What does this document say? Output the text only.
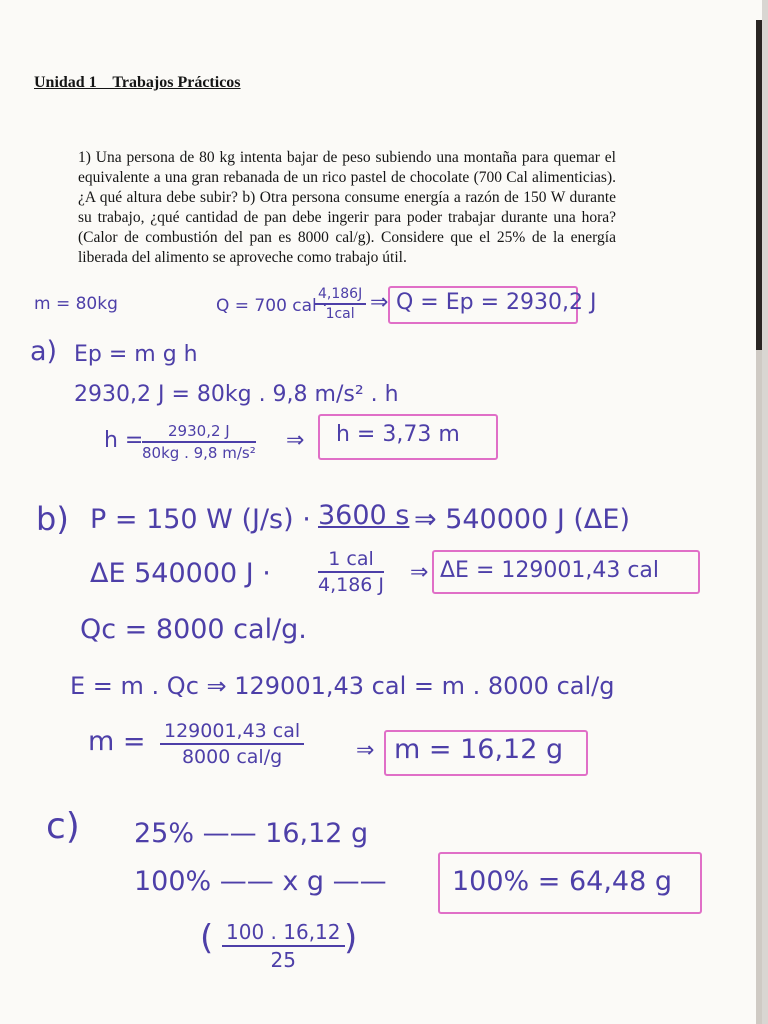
Unidad 1    Trabajos Prácticos
1) Una persona de 80 kg intenta bajar de peso subiendo una montaña para quemar el equivalente a una gran rebanada de un rico pastel de chocolate (700 Cal alimenticias). ¿A qué altura debe subir? b) Otra persona consume energía a razón de 150 W durante su trabajo, ¿qué cantidad de pan debe ingerir para poder trabajar durante una hora? (Calor de combustión del pan es 8000 cal/g). Considere que el 25% de la energía liberada del alimento se aproveche como trabajo útil.
m = 80kg	Q = 700 cal ·
4,186J
1cal ⇒ Q = Ep = 2930,2 J
a) Ep = m g h
2930,2 J = 80kg . 9,8 m/s² . h
h =
$\frac{2930,2 J}{\text{80kg . 9,8 m/s²}}$ ⇒ h = 3,73 m
b) P = 150 W (J/s) · 3600 s ⇒ 540000 J (ΔE)
ΔE 540000 J ·	1 cal
4,186 J ⇒ ΔE = 129001,43 cal
Qc = 8000 cal/g.
E = m . Qc ⇒ 129001,43 cal = m . 8000 cal/g
m = 129001,43 cal
8000 cal/g	⇒ m = 16,12 g
c) 25% —— 16,12 g
100% —— x g —— 100% = 64,48 g
( $\frac{100 . 16,12}{25}$ )
